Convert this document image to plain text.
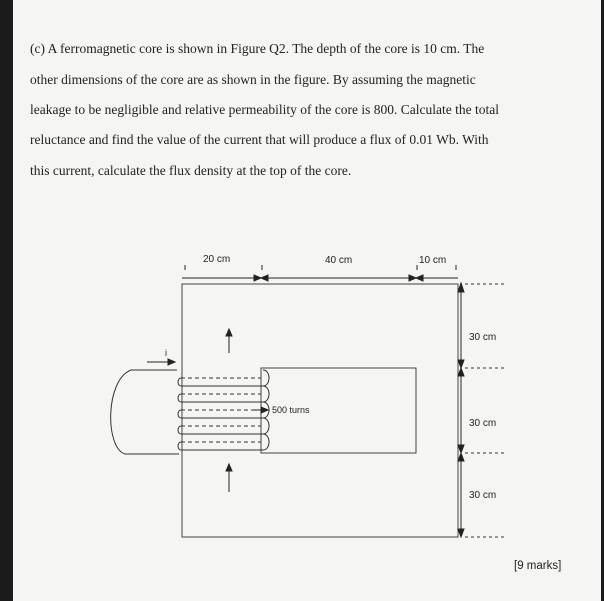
(c) A ferromagnetic core is shown in Figure Q2. The depth of the core is 10 cm. The
other dimensions of the core are as shown in the figure. By assuming the magnetic
leakage to be negligible and relative permeability of the core is 800. Calculate the total
reluctance and find the value of the current that will produce a flux of 0.01 Wb. With
this current, calculate the flux density at the top of the core.
20 cm	40 cm	10 cm
30 cm
30 cm
30 cm
i
500 turns
[9 marks]
